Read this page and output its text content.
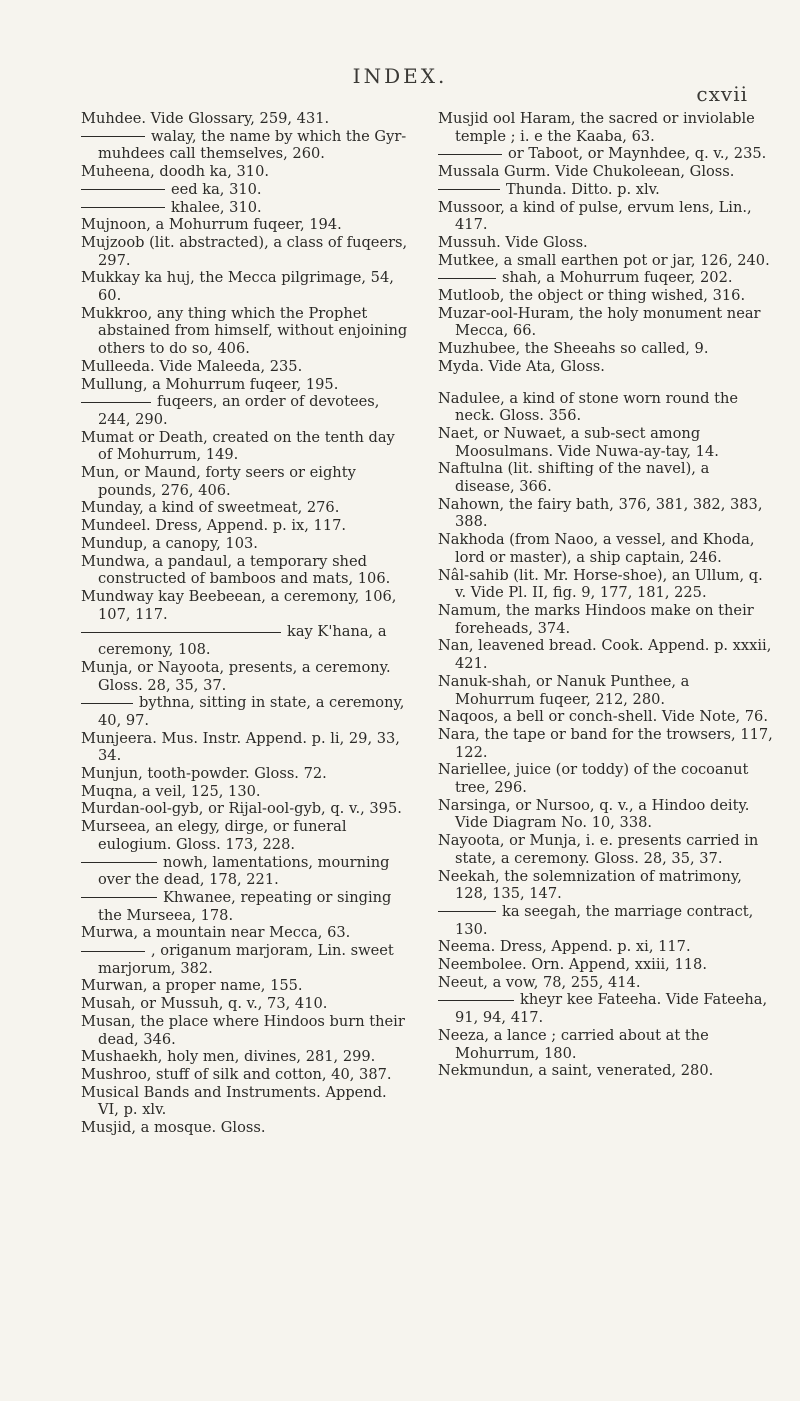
INDEX.
cxvii

Muhdee. Vide Glossary, 259, 431.

walay, the name by which the Gyr-muhdees call themselves, 260.

Muheena, doodh ka, 310.

eed ka, 310.

khalee, 310.

Mujnoon, a Mohurrum fuqeer, 194.

Mujzoob (lit. abstracted), a class of fuqeers, 297.

Mukkay ka huj, the Mecca pilgrimage, 54, 60.

Mukkroo, any thing which the Prophet abstained from himself, without enjoining others to do so, 406.

Mulleeda. Vide Maleeda, 235.

Mullung, a Mohurrum fuqeer, 195.

fuqeers, an order of devotees, 244, 290.

Mumat or Death, created on the tenth day of Mohurrum, 149.

Mun, or Maund, forty seers or eighty pounds, 276, 406.

Munday, a kind of sweetmeat, 276.

Mundeel. Dress, Append. p. ix, 117.

Mundup, a canopy, 103.

Mundwa, a pandaul, a temporary shed constructed of bamboos and mats, 106.

Mundway kay Beebeean, a ceremony, 106, 107, 117.

kay K'hana, a ceremony, 108.

Munja, or Nayoota, presents, a ceremony. Gloss. 28, 35, 37.

bythna, sitting in state, a ceremony, 40, 97.

Munjeera. Mus. Instr. Append. p. li, 29, 33, 34.

Munjun, tooth-powder. Gloss. 72.

Muqna, a veil, 125, 130.

Murdan-ool-gyb, or Rijal-ool-gyb, q. v., 395.

Murseea, an elegy, dirge, or funeral eulogium. Gloss. 173, 228.

nowh, lamentations, mourning over the dead, 178, 221.

Khwanee, repeating or singing the Murseea, 178.

Murwa, a mountain near Mecca, 63.

, origanum marjoram, Lin. sweet marjorum, 382.

Murwan, a proper name, 155.

Musah, or Mussuh, q. v., 73, 410.

Musan, the place where Hindoos burn their dead, 346.

Mushaekh, holy men, divines, 281, 299.

Mushroo, stuff of silk and cotton, 40, 387.

Musical Bands and Instruments. Append. VI, p. xlv.

Musjid, a mosque. Gloss.

Musjid ool Haram, the sacred or inviolable temple ; i. e the Kaaba, 63.

or Taboot, or Maynhdee, q. v., 235.

Mussala Gurm. Vide Chukoleean, Gloss.

Thunda. Ditto. p. xlv.

Mussoor, a kind of pulse, ervum lens, Lin., 417.

Mussuh. Vide Gloss.

Mutkee, a small earthen pot or jar, 126, 240.

shah, a Mohurrum fuqeer, 202.

Mutloob, the object or thing wished, 316.

Muzar-ool-Huram, the holy monument near Mecca, 66.

Muzhubee, the Sheeahs so called, 9.

Myda. Vide Ata, Gloss.

Nadulee, a kind of stone worn round the neck. Gloss. 356.

Naet, or Nuwaet, a sub-sect among Moosulmans. Vide Nuwa-ay-tay, 14.

Naftulna (lit. shifting of the navel), a disease, 366.

Nahown, the fairy bath, 376, 381, 382, 383, 388.

Nakhoda (from Naoo, a vessel, and Khoda, lord or master), a ship captain, 246.

Nâl-sahib (lit. Mr. Horse-shoe), an Ullum, q. v. Vide Pl. II, fig. 9, 177, 181, 225.

Namum, the marks Hindoos make on their foreheads, 374.

Nan, leavened bread. Cook. Append. p. xxxii, 421.

Nanuk-shah, or Nanuk Punthee, a Mohurrum fuqeer, 212, 280.

Naqoos, a bell or conch-shell. Vide Note, 76.

Nara, the tape or band for the trowsers, 117, 122.

Nariellee, juice (or toddy) of the cocoanut tree, 296.

Narsinga, or Nursoo, q. v., a Hindoo deity. Vide Diagram No. 10, 338.

Nayoota, or Munja, i. e. presents carried in state, a ceremony. Gloss. 28, 35, 37.

Neekah, the solemnization of matrimony, 128, 135, 147.

ka seegah, the marriage contract, 130.

Neema. Dress, Append. p. xi, 117.

Neembolee. Orn. Append, xxiii, 118.

Neeut, a vow, 78, 255, 414.

kheyr kee Fateeha. Vide Fateeha, 91, 94, 417.

Neeza, a lance ; carried about at the Mohurrum, 180.

Nekmundun, a saint, venerated, 280.
